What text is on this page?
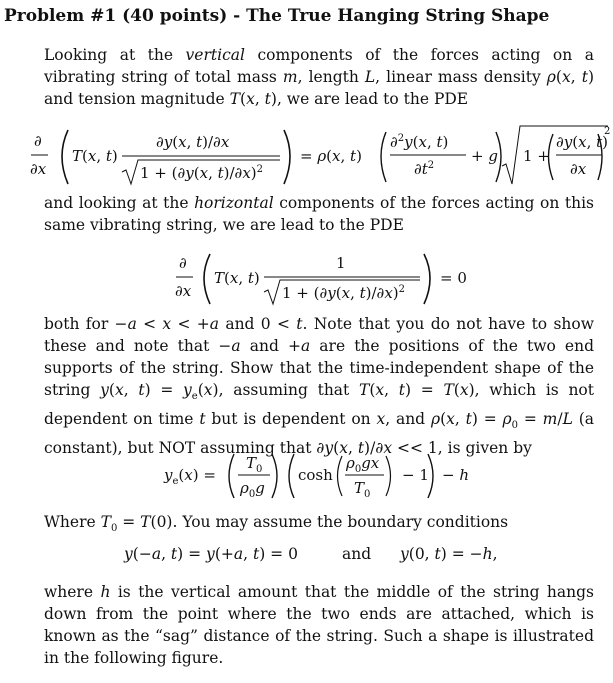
Problem #1 (40 points) - The True Hanging String Shape
Looking at the vertical components of the forces acting on a vibrating string of total mass m, length L, linear mass density ρ(x, t) and tension magnitude T(x, t), we are lead to the PDE
∂
∂x
T(x, t)
∂y(x, t)/∂x
1 + (∂y(x, t)/∂x)$^2$
= ρ(x, t)
∂$^2$y(x, t)
$\partial t^2$
+ g 1 +
∂y(x, t)
∂x
2
and looking at the horizontal components of the forces acting on this same vibrating string, we are lead to the PDE
∂
∂x
T(x, t)
1
1 + (∂y(x, t)/∂x)$^2$
= 0
both for −a < x < +a and 0 < t. Note that you do not have to show these and note that −a and +a are the positions of the two end supports of the string. Show that the time-independent shape of the string y(x, $t) = y_e(x)$, assuming that T(x, t) = T(x), which is not dependent on time t but is dependent on x, and ρ(x, $t) = \rho_0 = m/L$ (a constant), but NOT assuming that ∂y(x, t)/∂x << 1, is given by
$y_e(x)$ =
$T_0$
$\rho_0g$
cosh
$\rho_0gx$
$T_0$
− 1 − h
Where $T_0 = T(0)$. You may assume the boundary conditions
y(−a, t) = y(+a, t) = 0	and y(0, t) = −h,
where h is the vertical amount that the middle of the string hangs down from the point where the two ends are attached, which is known as the “sag” distance of the string. Such a shape is illustrated in the following figure.
